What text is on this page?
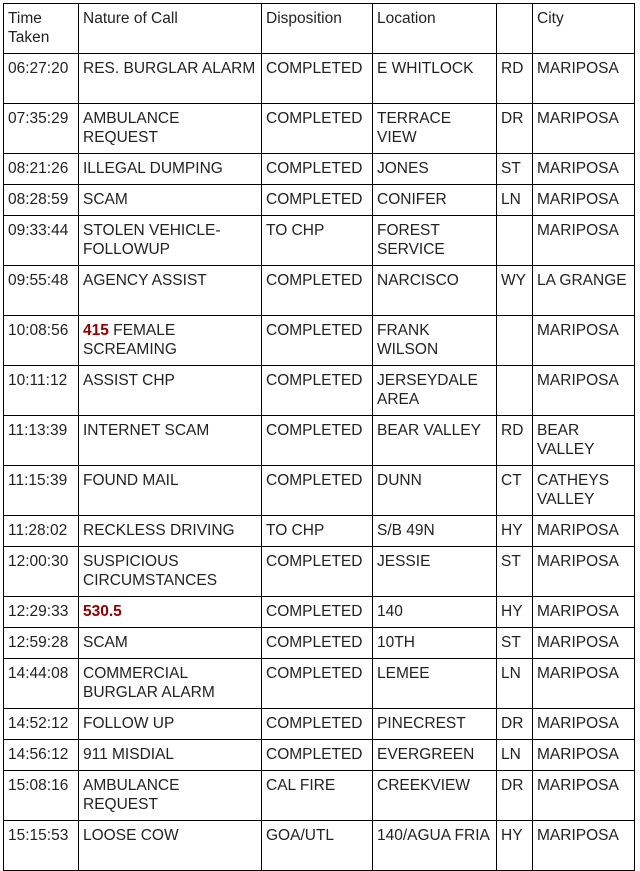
Time Taken	Nature of Call	Disposition	Location		City
06:27:20	RES. BURGLAR ALARM	COMPLETED	E WHITLOCK	RD	MARIPOSA
07:35:29	AMBULANCE REQUEST	COMPLETED	TERRACE VIEW	DR	MARIPOSA
08:21:26	ILLEGAL DUMPING	COMPLETED	JONES	ST	MARIPOSA
08:28:59	SCAM	COMPLETED	CONIFER	LN	MARIPOSA
09:33:44	STOLEN VEHICLE-FOLLOWUP	TO CHP	FOREST SERVICE		MARIPOSA
09:55:48	AGENCY ASSIST	COMPLETED	NARCISCO	WY	LA GRANGE
10:08:56	415 FEMALE SCREAMING	COMPLETED	FRANK WILSON		MARIPOSA
10:11:12	ASSIST CHP	COMPLETED	JERSEYDALE AREA		MARIPOSA
11:13:39	INTERNET SCAM	COMPLETED	BEAR VALLEY	RD	BEAR VALLEY
11:15:39	FOUND MAIL	COMPLETED	DUNN	CT	CATHEYS VALLEY
11:28:02	RECKLESS DRIVING	TO CHP	S/B 49N	HY	MARIPOSA
12:00:30	SUSPICIOUS CIRCUMSTANCES	COMPLETED	JESSIE	ST	MARIPOSA
12:29:33	530.5	COMPLETED	140	HY	MARIPOSA
12:59:28	SCAM	COMPLETED	10TH	ST	MARIPOSA
14:44:08	COMMERCIAL BURGLAR ALARM	COMPLETED	LEMEE	LN	MARIPOSA
14:52:12	FOLLOW UP	COMPLETED	PINECREST	DR	MARIPOSA
14:56:12	911 MISDIAL	COMPLETED	EVERGREEN	LN	MARIPOSA
15:08:16	AMBULANCE REQUEST	CAL FIRE	CREEKVIEW	DR	MARIPOSA
15:15:53	LOOSE COW	GOA/UTL	140/AGUA FRIA	HY	MARIPOSA
